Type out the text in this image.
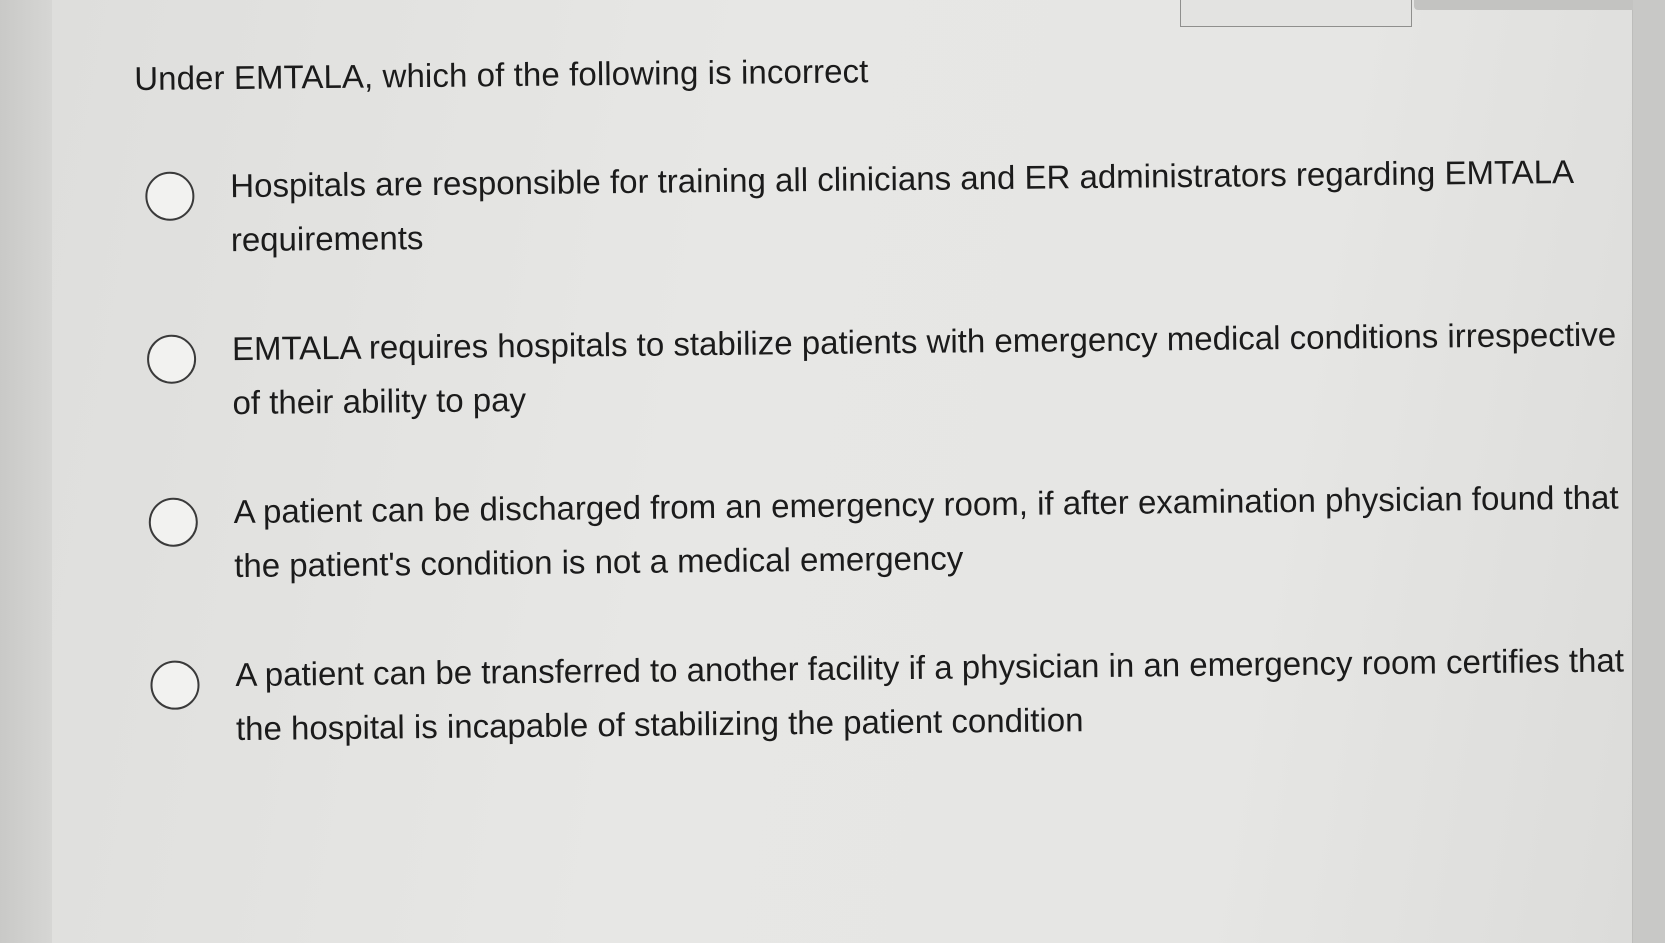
Under EMTALA, which of the following is incorrect
Hospitals are responsible for training all clinicians and ER administrators regarding EMTALA requirements
EMTALA requires hospitals to stabilize patients with emergency medical conditions irrespective of their ability to pay
A patient can be discharged from an emergency room, if after examination physician found that the patient's condition is not a medical emergency
A patient can be transferred to another facility if a physician in an emergency room certifies that the hospital is incapable of stabilizing the patient condition
